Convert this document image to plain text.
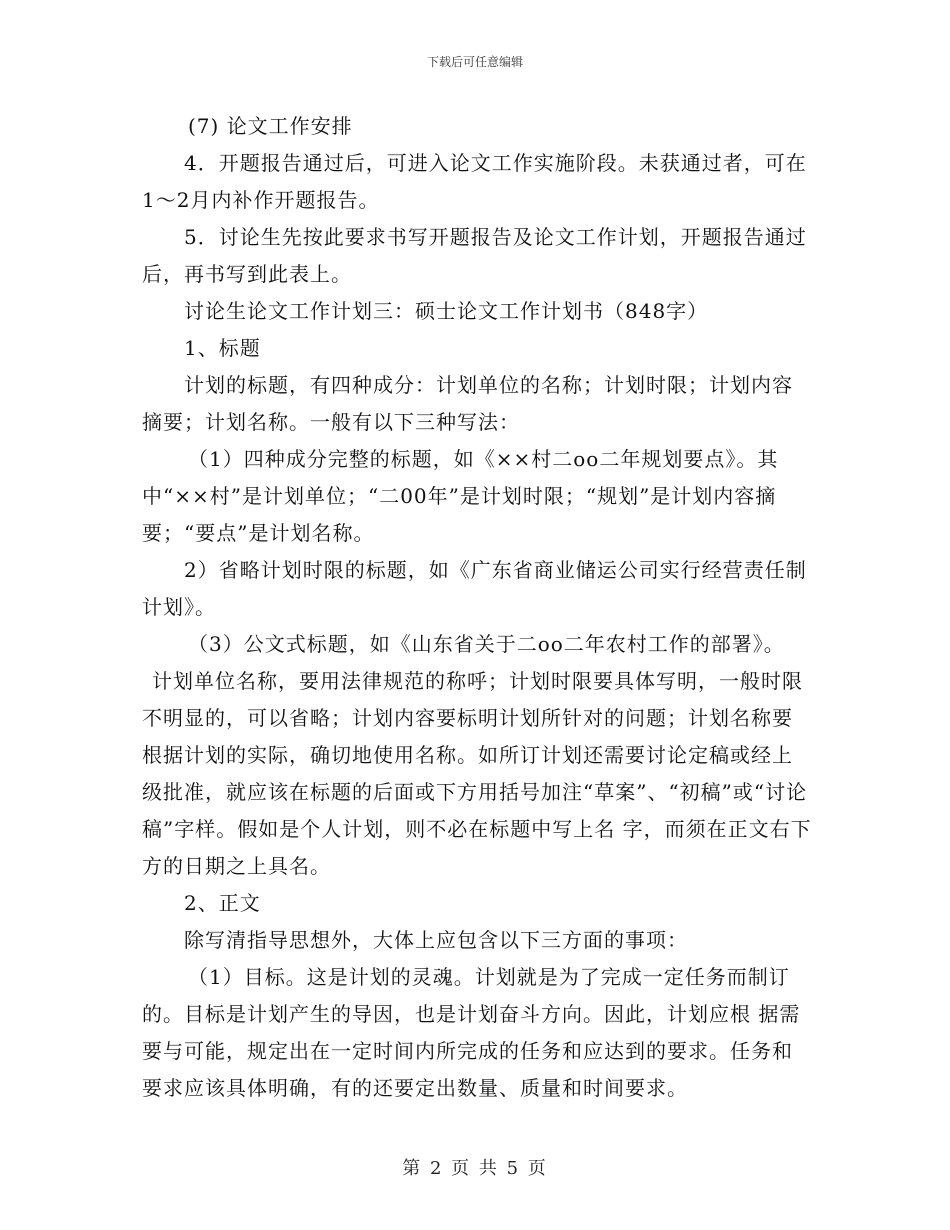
下载后可任意编辑

(7) 论文工作安排

4．开题报告通过后，可进入论文工作实施阶段。未获通过者，可在1～2月内补作开题报告。

5．讨论生先按此要求书写开题报告及论文工作计划，开题报告通过后，再书写到此表上。

讨论生论文工作计划三：硕士论文工作计划书（848字）

1、标题

计划的标题，有四种成分：计划单位的名称；计划时限；计划内容摘要；计划名称。一般有以下三种写法：

（1）四种成分完整的标题，如《××村二oo二年规划要点》。其中“××村”是计划单位；“二00年”是计划时限；“规划”是计划内容摘要；“要点”是计划名称。

2）省略计划时限的标题，如《广东省商业储运公司实行经营责任制计划》。

（3）公文式标题，如《山东省关于二oo二年农村工作的部署》。

计划单位名称，要用法律规范的称呼；计划时限要具体写明，一般时限不明显的，可以省略；计划内容要标明计划所针对的问题；计划名称要根据计划的实际，确切地使用名称。如所订计划还需要讨论定稿或经上级批准，就应该在标题的后面或下方用括号加注“草案”、“初稿”或“讨论稿”字样。假如是个人计划，则不必在标题中写上名 字，而须在正文右下方的日期之上具名。

2、正文

除写清指导思想外，大体上应包含以下三方面的事项：

（1）目标。这是计划的灵魂。计划就是为了完成一定任务而制订的。目标是计划产生的导因，也是计划奋斗方向。因此，计划应根 据需要与可能，规定出在一定时间内所完成的任务和应达到的要求。任务和要求应该具体明确，有的还要定出数量、质量和时间要求。

第 2 页 共 5 页
